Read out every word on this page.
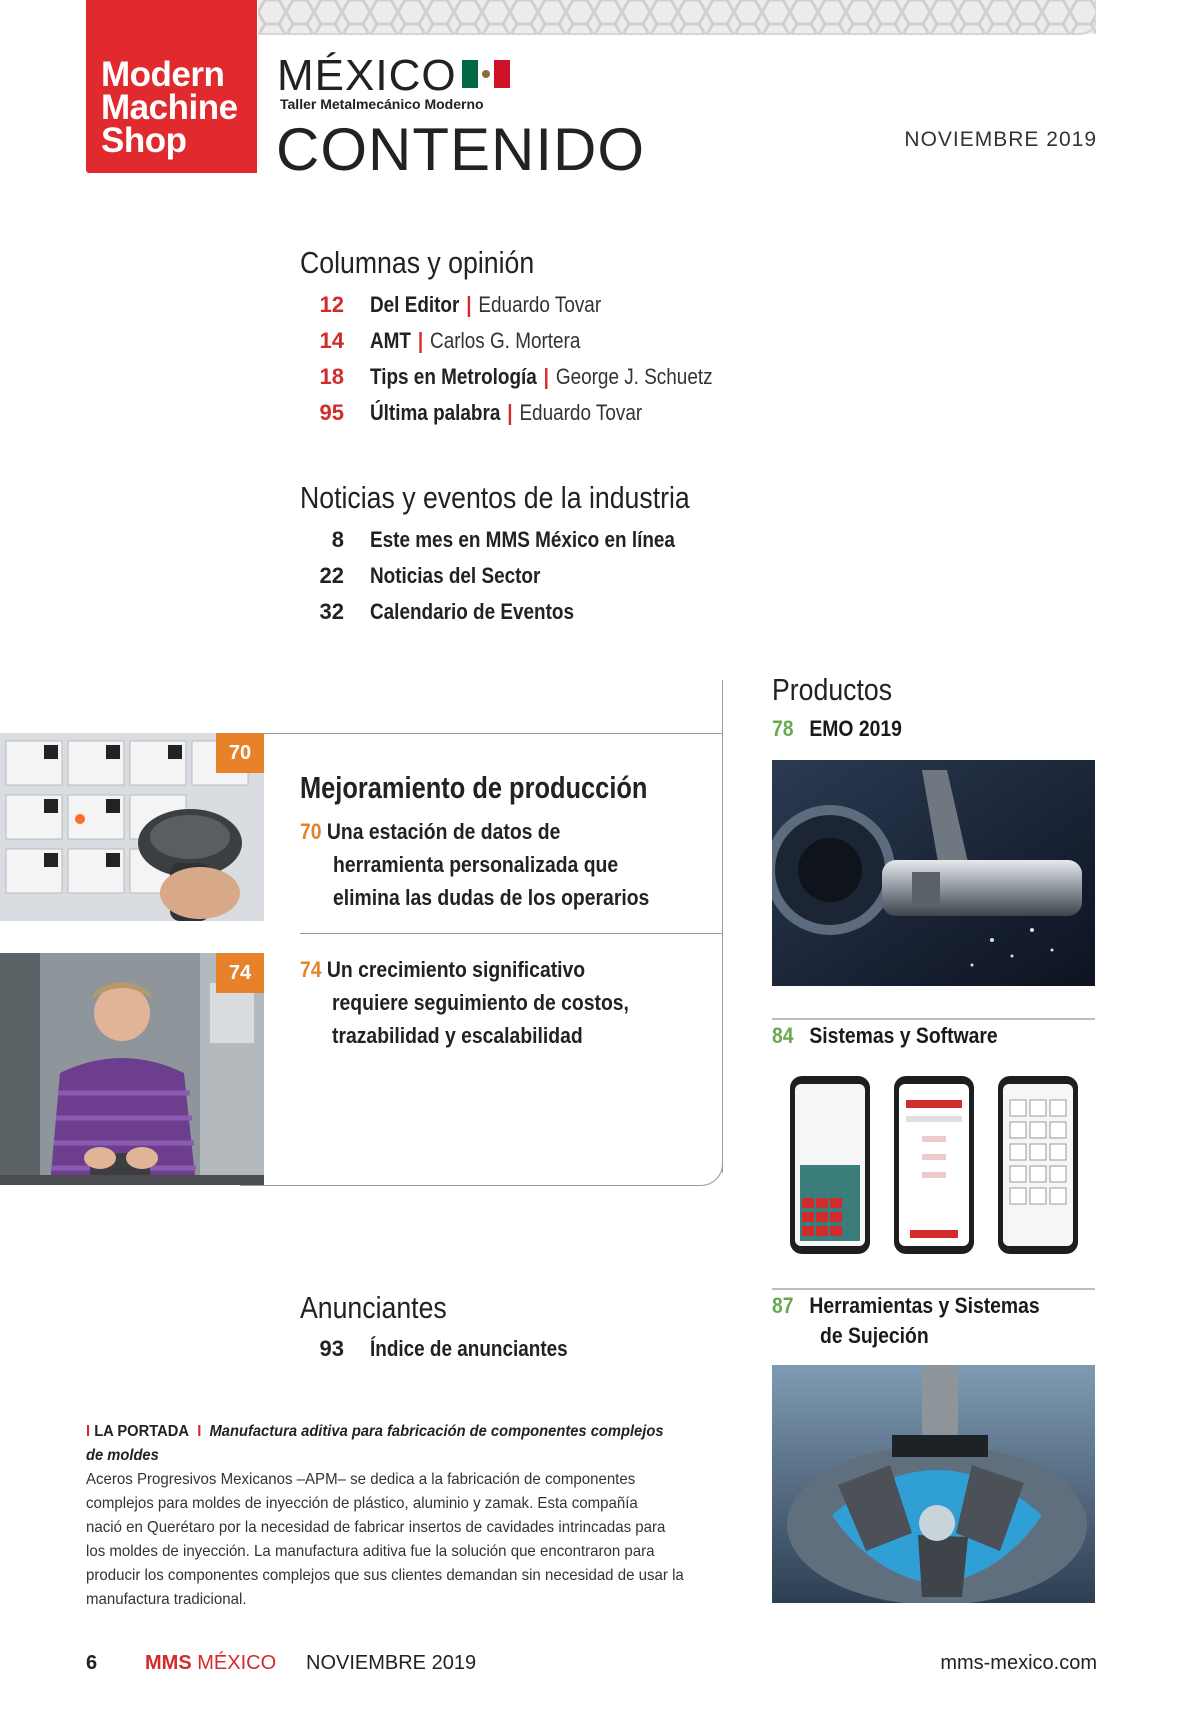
Modern
Machine
Shop
MÉXICO
Taller Metalmecánico Moderno
CONTENIDO	NOVIEMBRE 2019
Columnas y opinión
12 Del Editor | Eduardo Tovar
14 AMT | Carlos G. Mortera
18 Tips en Metrología | George J. Schuetz
95 Última palabra | Eduardo Tovar
Noticias y eventos de la industria
8 Este mes en MMS México en línea
22 Noticias del Sector
32 Calendario de Eventos
70
74
Mejoramiento de producción
70 Una estación de datos de
herramienta personalizada que
elimina las dudas de los operarios
74 Un crecimiento significativo
requiere seguimiento de costos,
trazabilidad y escalabilidad
Productos
78 EMO 2019
84 Sistemas y Software
87 Herramientas y Sistemas
de Sujeción
Anunciantes
93 Índice de anunciantes
I LA PORTADA  I  Manufactura aditiva para fabricación de componentes complejos
de moldes
Aceros Progresivos Mexicanos –APM– se dedica a la fabricación de componentes
complejos para moldes de inyección de plástico, aluminio y zamak. Esta compañía
nació en Querétaro por la necesidad de fabricar insertos de cavidades intrincadas para
los moldes de inyección. La manufactura aditiva fue la solución que encontraron para
producir los componentes complejos que sus clientes demandan sin necesidad de usar la
manufactura tradicional.
6 MMS MÉXICO NOVIEMBRE 2019	mms-mexico.com
